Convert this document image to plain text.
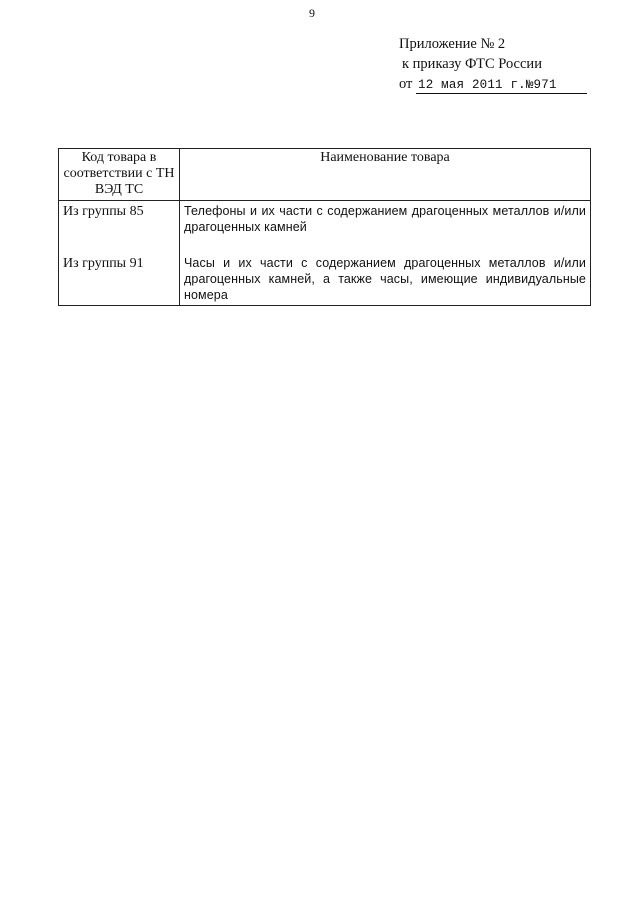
9
Приложение № 2
к приказу ФТС России
от 12 мая 2011 г.№971
Код товара в соответствии с ТН ВЭД ТС	Наименование товара
Из группы 85	Телефоны и их части с содержанием драгоценных металлов и/или драгоценных камней
Из группы 91	Часы и их части с содержанием драгоценных металлов и/или драгоценных камней, а также часы, имеющие индивидуальные номера
